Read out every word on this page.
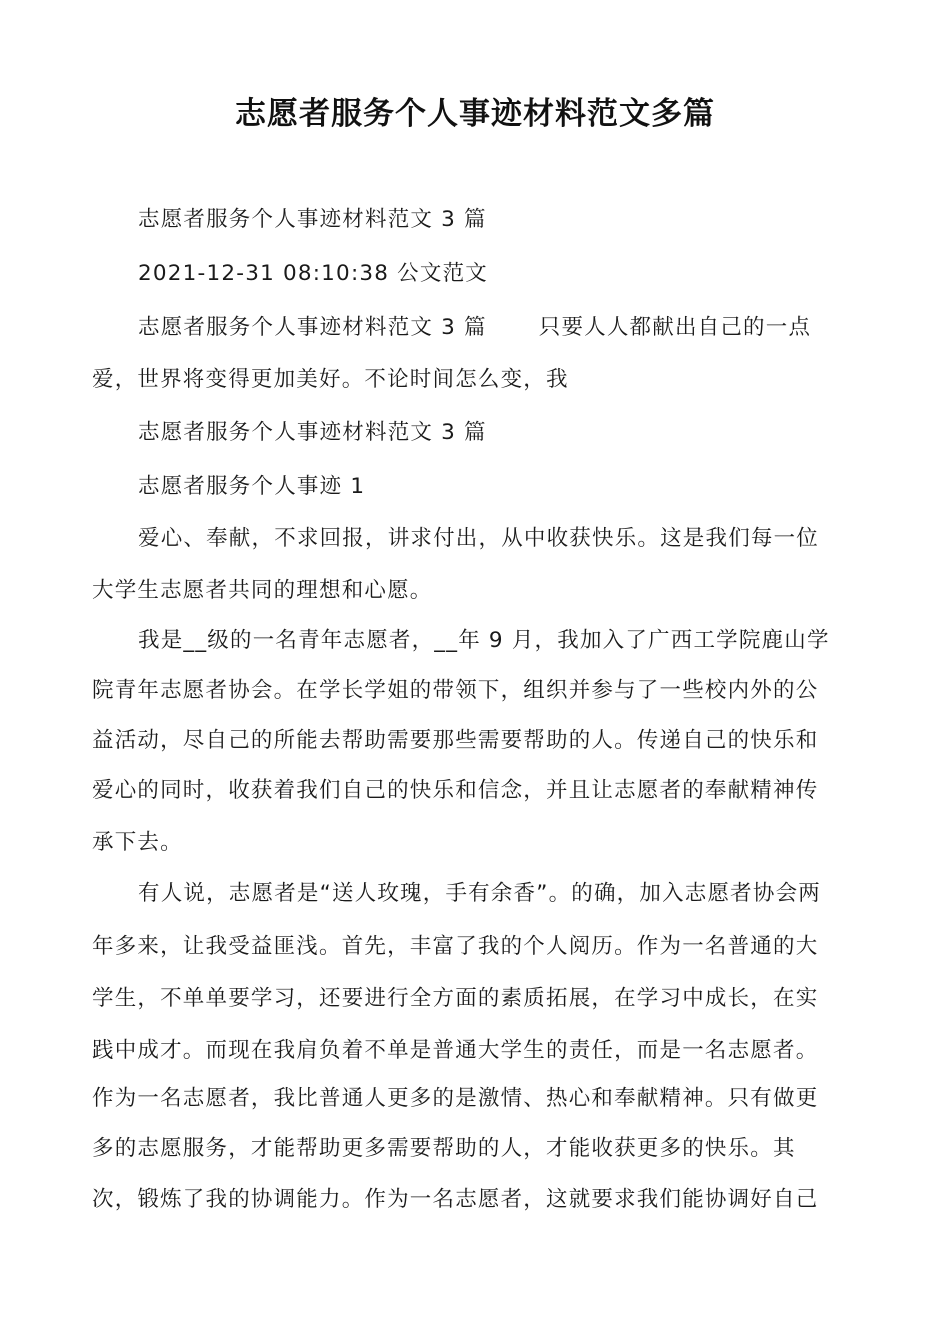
志愿者服务个人事迹材料范文多篇
志愿者服务个人事迹材料范文 3 篇
2021-12-31 08:10:38 公文范文
志愿者服务个人事迹材料范文 3 篇 只要人人都献出自己的一点
爱，世界将变得更加美好。不论时间怎么变，我
志愿者服务个人事迹材料范文 3 篇
志愿者服务个人事迹 1
爱心、奉献，不求回报，讲求付出，从中收获快乐。这是我们每一位
大学生志愿者共同的理想和心愿。
我是__级的一名青年志愿者，__年 9 月，我加入了广西工学院鹿山学
院青年志愿者协会。在学长学姐的带领下，组织并参与了一些校内外的公
益活动，尽自己的所能去帮助需要那些需要帮助的人。传递自己的快乐和
爱心的同时，收获着我们自己的快乐和信念，并且让志愿者的奉献精神传
承下去。
有人说，志愿者是“送人玫瑰，手有余香”。的确，加入志愿者协会两
年多来，让我受益匪浅。首先，丰富了我的个人阅历。作为一名普通的大
学生，不单单要学习，还要进行全方面的素质拓展，在学习中成长，在实
践中成才。而现在我肩负着不单是普通大学生的责任，而是一名志愿者。
作为一名志愿者，我比普通人更多的是激情、热心和奉献精神。只有做更
多的志愿服务，才能帮助更多需要帮助的人，才能收获更多的快乐。其
次，锻炼了我的协调能力。作为一名志愿者，这就要求我们能协调好自己
